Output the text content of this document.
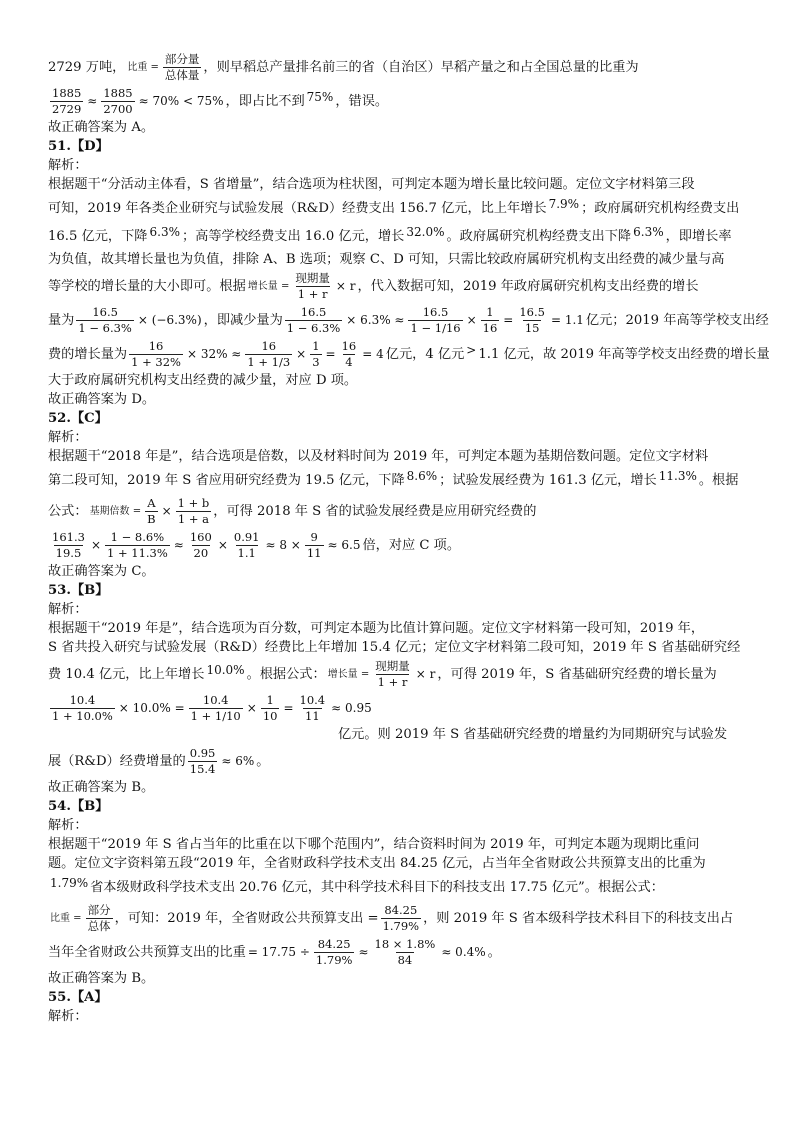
2729 万吨， 比重 = $\frac{\text{部分量}}{\text{总体量}}$ ，则早稻总产量排名前三的省（自治区）早稻产量之和占全国总量的比重为
$\frac{1885}{2729} \approx \frac{1885}{2700} \approx 70\% < 75\%$ ，即占比不到 75% ，错误。
故正确答案为 A。
51.【D】
解析：
根据题干“分活动主体看，S 省增量”，结合选项为柱状图，可判定本题为增长量比较问题。定位文字材料第三段
可知，2019 年各类企业研究与试验发展（R&D）经费支出 156.7 亿元，比上年增长 7.9% ；政府属研究机构经费支出
16.5 亿元，下降 6.3% ；高等学校经费支出 16.0 亿元，增长 32.0% 。政府属研究机构经费支出下降 6.3% ，即增长率
为负值，故其增长量也为负值，排除 A、B 选项；观察 C、D 可知，只需比较政府属研究机构支出经费的减少量与高
等学校的增长量的大小即可。根据 增长量 = $\frac{\text{现期量}}{1 + r} \times r$ ，代入数据可知，2019 年政府属研究机构支出经费的增长
量为 $\frac{16.5}{1 - 6.3\%} \times (-6.3\%)$ ，即减少量为 $\frac{16.5}{1 - 6.3\%} \times 6.3\% \approx \frac{16.5}{1 - 1/16} \times \frac{1}{16} = \frac{16.5}{15} = 1.1$ 亿元；2019 年高等学校支出经
费的增长量为 $\frac{16}{1 + 32\%} \times 32\% \approx \frac{16}{1 + 1/3} \times \frac{1}{3} = \frac{16}{4} = 4$ 亿元，4 亿元 > 1.1 亿元，故 2019 年高等学校支出经费的增长量
大于政府属研究机构支出经费的减少量，对应 D 项。
故正确答案为 D。
52.【C】
解析：
根据题干“2018 年是”，结合选项是倍数，以及材料时间为 2019 年，可判定本题为基期倍数问题。定位文字材料
第二段可知，2019 年 S 省应用研究经费为 19.5 亿元，下降 8.6% ；试验发展经费为 161.3 亿元，增长 11.3% 。根据
公式： 基期倍数 = $\frac{A}{B} \times \frac{1 + b}{1 + a}$ ，可得 2018 年 S 省的试验发展经费是应用研究经费的
$\frac{161.3}{19.5} \times \frac{1 - 8.6\%}{1 + 11.3\%} \approx \frac{160}{20} \times \frac{0.91}{1.1} \approx 8 \times \frac{9}{11} \approx 6.5$ 倍，对应 C 项。
故正确答案为 C。
53.【B】
解析：
根据题干“2019 年是”，结合选项为百分数，可判定本题为比值计算问题。定位文字材料第一段可知，2019 年，
S 省共投入研究与试验发展（R&D）经费比上年增加 15.4 亿元；定位文字材料第二段可知，2019 年 S 省基础研究经
费 10.4 亿元，比上年增长 10.0% 。根据公式： 增长量 = $\frac{\text{现期量}}{1 + r} \times r$ ，可得 2019 年，S 省基础研究经费的增长量为
$\frac{10.4}{1 + 10.0\%} \times 10.0\% = \frac{10.4}{1 + 1/10} \times \frac{1}{10} = \frac{10.4}{11} \approx 0.95$
亿元。则 2019 年 S 省基础研究经费的增量约为同期研究与试验发
展（R&D）经费增量的 $\frac{0.95}{15.4} \approx 6\%$ 。
故正确答案为 B。
54.【B】
解析：
根据题干“2019 年 S 省占当年的比重在以下哪个范围内”，结合资料时间为 2019 年，可判定本题为现期比重问
题。定位文字资料第五段“2019 年，全省财政科学技术支出 84.25 亿元，占当年全省财政公共预算支出的比重为
1.79% 省本级财政科学技术支出 20.76 亿元，其中科学技术科目下的科技支出 17.75 亿元”。根据公式：
比重 = $\frac{\text{部分}}{\text{总体}}$ ，可知：2019 年，全省财政公共预算支出 = $\frac{84.25}{1.79\%}$ ，则 2019 年 S 省本级科学技术科目下的科技支出占
当年全省财政公共预算支出的比重 = $17.75 \div \frac{84.25}{1.79\%} \approx \frac{18 \times 1.8\%}{84} \approx 0.4\%$ 。
故正确答案为 B。
55.【A】
解析：
